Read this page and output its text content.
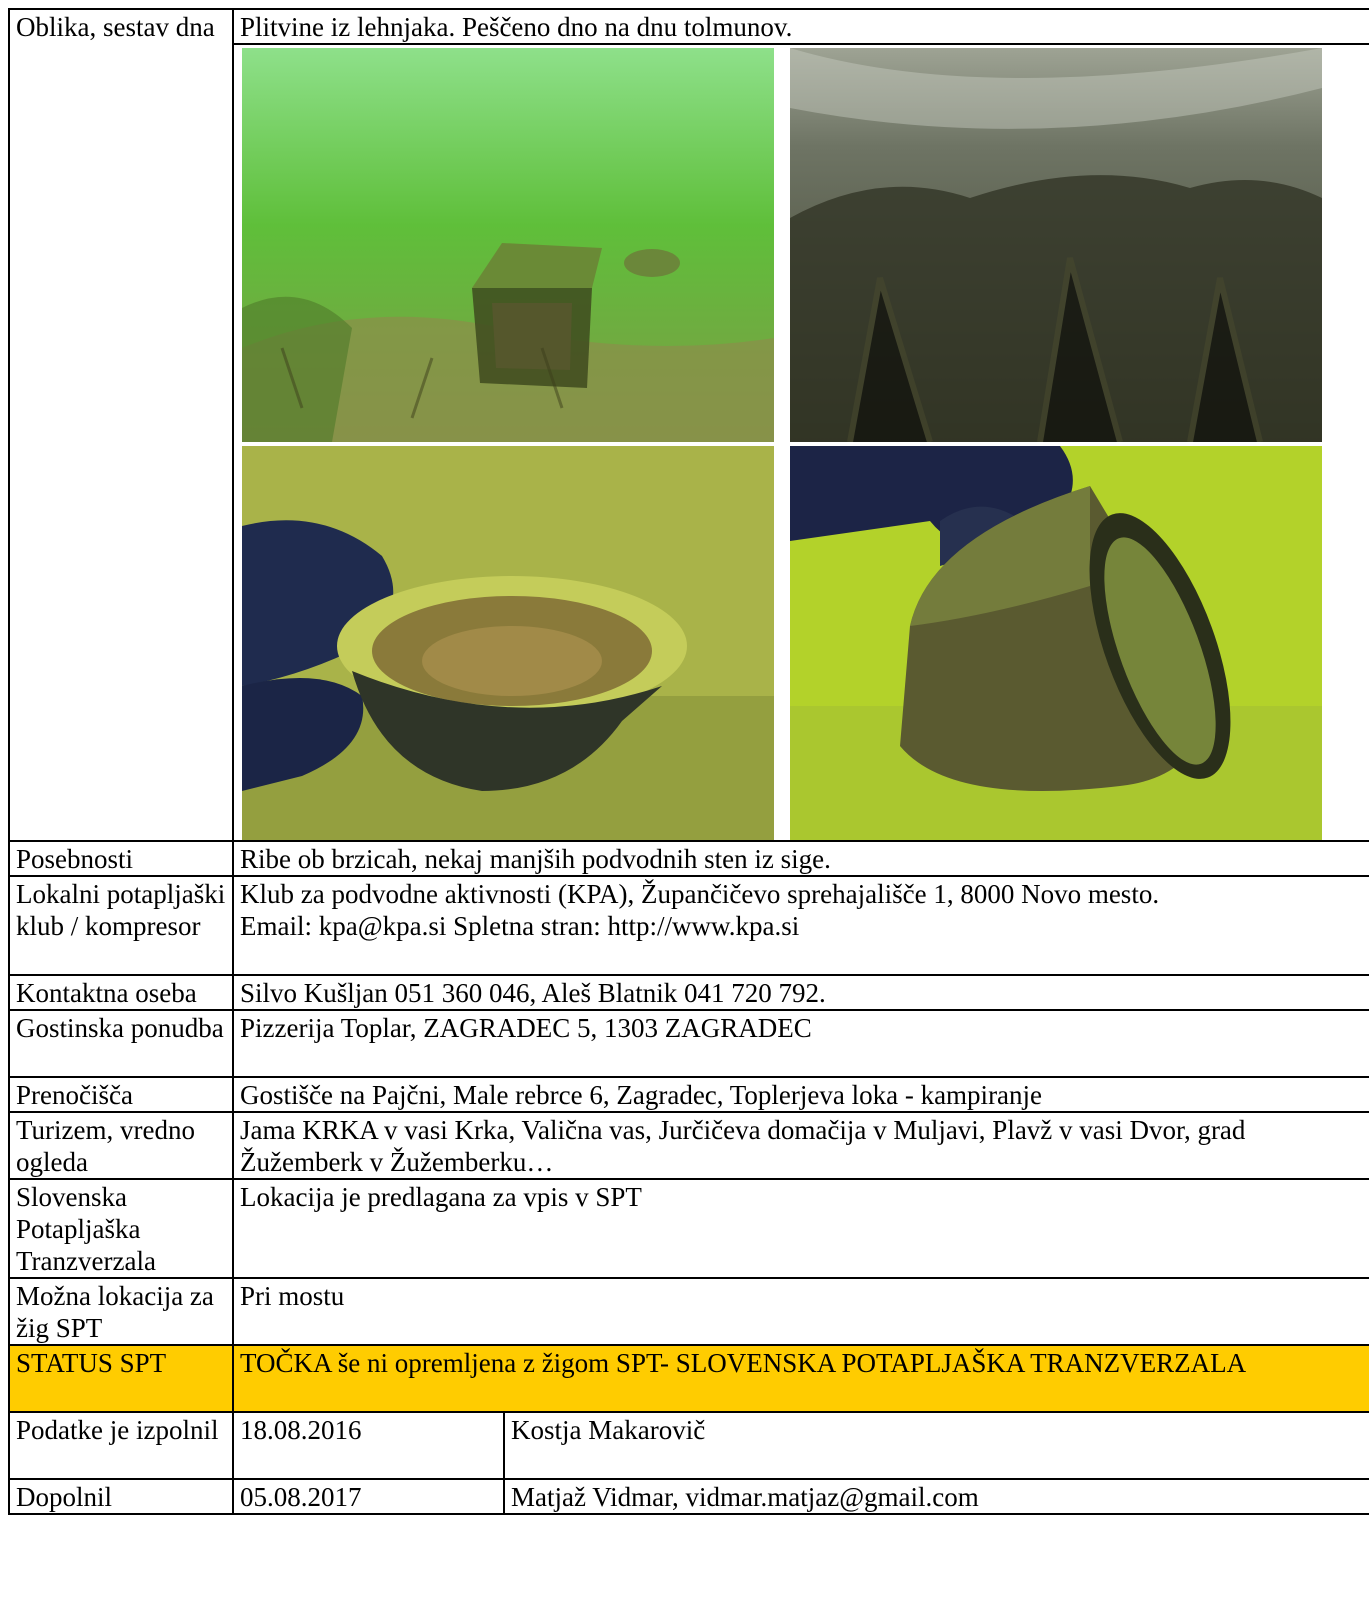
Oblika, sestav dna	Plitvine iz lehnjaka. Peščeno dno na dnu tolmunov.	

Posebnosti	Ribe ob brzicah, nekaj manjših podvodnih sten iz sige.	
Lokalni potapljaški klub / kompresor	Klub za podvodne aktivnosti (KPA), Župančičevo sprehajališče 1, 8000 Novo mesto.
Email: kpa@kpa.si Spletna stran: http://www.kpa.si	

Kontaktna oseba	Silvo Kušljan 051 360 046, Aleš Blatnik 041 720 792.	
Gostinska ponudba	Pizzerija Toplar, ZAGRADEC 5, 1303 ZAGRADEC	
Prenočišča	Gostišče na Pajčni, Male rebrce 6, Zagradec, Toplerjeva loka - kampiranje	
Turizem, vredno ogleda	Jama KRKA v vasi Krka, Valična vas, Jurčičeva domačija v Muljavi, Plavž v vasi Dvor, grad Žužemberk v Žužemberku…	
Slovenska Potapljaška Tranzverzala	Lokacija je predlagana za vpis v SPT	
Možna lokacija za žig SPT	Pri mostu	
STATUS SPT	TOČKA še ni opremljena z žigom SPT- SLOVENSKA POTAPLJAŠKA TRANZVERZALA	
Podatke je izpolnil	18.08.2016	Kostja Makarovič
Dopolnil	05.08.2017	Matjaž Vidmar, vidmar.matjaz@gmail.com
